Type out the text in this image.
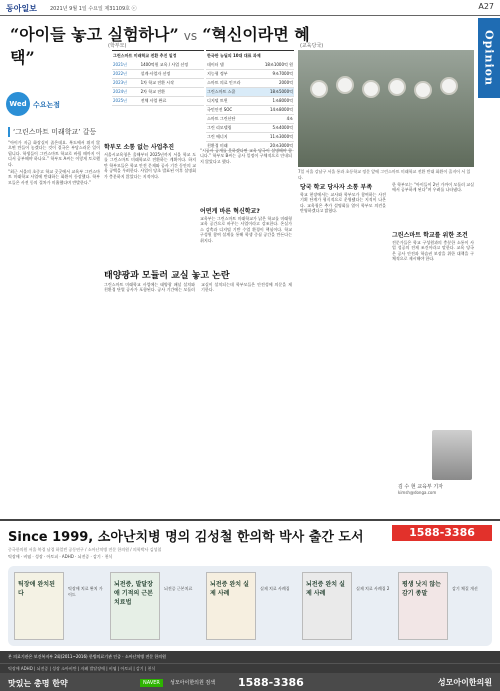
동아일보	2021년 9월 1일 수요일 제31109호 ⓒ	A27
Opinion
“아이들 놓고 실험하나” vs “혁신이라면 혜택”
(학부모)	(교육당국)
Wed 수요논점
‘그린스마트 미래학교’ 갈등
그린스마트 미래학교 전환 추진 일정
2021년	1400억원 교육 / 사업 선정
2022년	설계·사업자 선정
2023년	1차 학교 전환 시작
2024년	2차 학교 전환
2025년	전체 사업 완료
한국판 뉴딜의 10대 대표 과제
데이터 댐	18조1000억 원
지능형 정부	9조7000억
스마트 의료 인프라	2000억
그린스마트 스쿨	18조5000억
디지털 트윈	1조8000억
국민안전 SOC	14조8000억
스마트 그린산단	4조
그린 리모델링	5조4000억
그린 에너지	11조3000억
친환경 미래	20조3000억
7일 서울 강남구 서울 통과 초등학교 정문 앞에 그린스마트 미래학교 전환 반대 화환이 줄지어 서 있다.

“아이가 지금 화장실이 좁은데요. 복도에서 뛰지 않으면 만들어 놓겠다는 것이 결국은 부담스러운 일이 됩니다. 학생들이 그린스마트 학교로 바뀔 때까지 어디서 공부해야 하나요.” 학부모 A씨는 이렇게 토로했다.

“최근 서울의 초중고 학교 곳곳에서 교육부 그린스마트 미래학교 사업에 반대하는 화환이 등장했다. 학부모들은 사전 동의 절차가 미흡했다며 반발한다.”

학부모 소통 없는 사업추진

서울시교육청은 올해부터 2025년까지 서울 학교 도를 그린스마트 미래학교로 전환하는 계획이다. 하지만 학부모들은 학교 안전 문제와 공사 기간 동안의 교육 공백을 우려한다. 사업이 당초 발표된 이후 설명회가 충분하지 않았다는 지적이다.

“시공사 공개를 못하겠다면 교육 당국이 설명해야 합니다.” 학부모 B씨는 공사 일정이 구체적으로 안내되지 않았다고 했다.

어떤게 바른 혁신학교?

교육부는 그린스마트 미래학교가 낡은 학교를 미래형 교육 공간으로 바꾸는 사업이라고 강조한다. 온실가스 감축과 디지털 기반 수업 환경이 핵심이다. 학교 구성원 참여 설계를 통해 학생 중심 공간을 만든다는 취지다.

태양광과 모듈러 교실 놓고 논란

그린스마트 미래학교 사업에는 태양광 패널 설치와 친환경 단열 공사가 포함된다. 공사 기간에는 모듈러 교실이 설치되는데 학부모들은 안전성에 의문을 제기한다.

당국 학교 당사자 소통 부족

학교 현장에서는 교사와 학부모가 참여하는 사전기획 단계가 형식적으로 운영됐다는 지적이 나온다. 교육청은 추가 설명회를 열어 학부모 의견을 반영하겠다고 밝혔다.

한 학부모는 “아이들이 2년 가까이 모듈러 교실에서 공부하게 된다”며 우려를 나타냈다.

그린스마트 학교를 위한 조건

전문가들은 학교 구성원과의 충분한 소통이 사업 성공의 전제 조건이라고 말한다. 교육 당국은 공사 안전과 학습권 보장을 위한 대책을 구체적으로 제시해야 한다.

김 수 현 교육부 기자
kimsh@donga.com
Since 1999, 소아난치병 명의 김성철 한의학 박사 출간 도서	1588-3386
중국한의원 서울 북경 남경 하얼빈 공동연구 / 소아난치병 전문 한의원 / 의학박사 김성철
틱장애 · 비염 · 성장 · 아토피 · ADHD · 뇌전증 · 감기 · 천식
틱장애 완치된다
틱장애 치료 완치 가이드
뇌전증, 발달장애 기적의 근본치료법
뇌전증 근본치료
뇌전증 완치 실제 사례
실제 치료 사례집
뇌전증 완치 실제 사례
실제 치료 사례집 2
평생 낫지 않는 감기 종말
감기 체질 개선
본 의료기관은 보건복지부 2회(2011~2016) 한방의료기관 인증 · 소아난치병 전문 한의원
틱장애 ADHD | 뇌전증 | 성장 소아비만 | 자폐 발달장애 | 비염 | 아토피 | 감기 | 천식
맛있는 총명 한약	NAVER	성모아이한의원 검색 1588-3386	성모아이한의원
